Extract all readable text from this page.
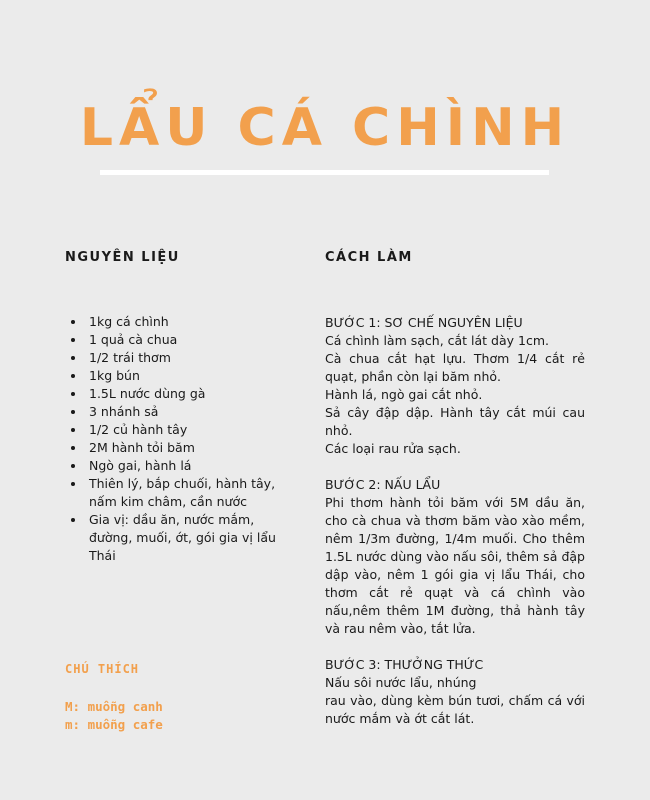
LẨU CÁ CHÌNH
NGUYÊN LIỆU	CÁCH LÀM
• 1kg cá chình
• 1 quả cà chua
• 1/2 trái thơm
• 1kg bún
• 1.5L nước dùng gà
• 3 nhánh sả
• 1/2 củ hành tây
• 2M hành tỏi băm
• Ngò gai, hành lá
• Thiên lý, bắp chuối, hành tây, nấm kim châm, cần nước
• Gia vị: dầu ăn, nước mắm, đường, muối, ớt, gói gia vị lẩu Thái

BƯỚC 1: SƠ CHẾ NGUYÊN LIỆU

Cá chình làm sạch, cắt lát dày 1cm.

Cà chua cắt hạt lựu. Thơm 1/4 cắt rẻ quạt, phần còn lại băm nhỏ.

Hành lá, ngò gai cắt nhỏ.

Sả cây đập dập. Hành tây cắt múi cau nhỏ.

Các loại rau rửa sạch.

BƯỚC 2: NẤU LẨU

Phi thơm hành tỏi băm với 5M dầu ăn, cho cà chua và thơm băm vào xào mềm, nêm 1/3m đường, 1/4m muối. Cho thêm 1.5L nước dùng vào nấu sôi, thêm sả đập dập vào, nêm 1 gói gia vị lẩu Thái, cho thơm cắt rẻ quạt và cá chình vào nấu,nêm thêm 1M đường, thả hành tây và rau nêm vào, tắt lửa.

BƯỚC 3: THƯỞNG THỨC

Nấu sôi nước lẩu, nhúng

rau vào, dùng kèm bún tươi, chấm cá với nước mắm và ớt cắt lát.

CHÚ THÍCH

M: muỗng canh

m: muỗng cafe
